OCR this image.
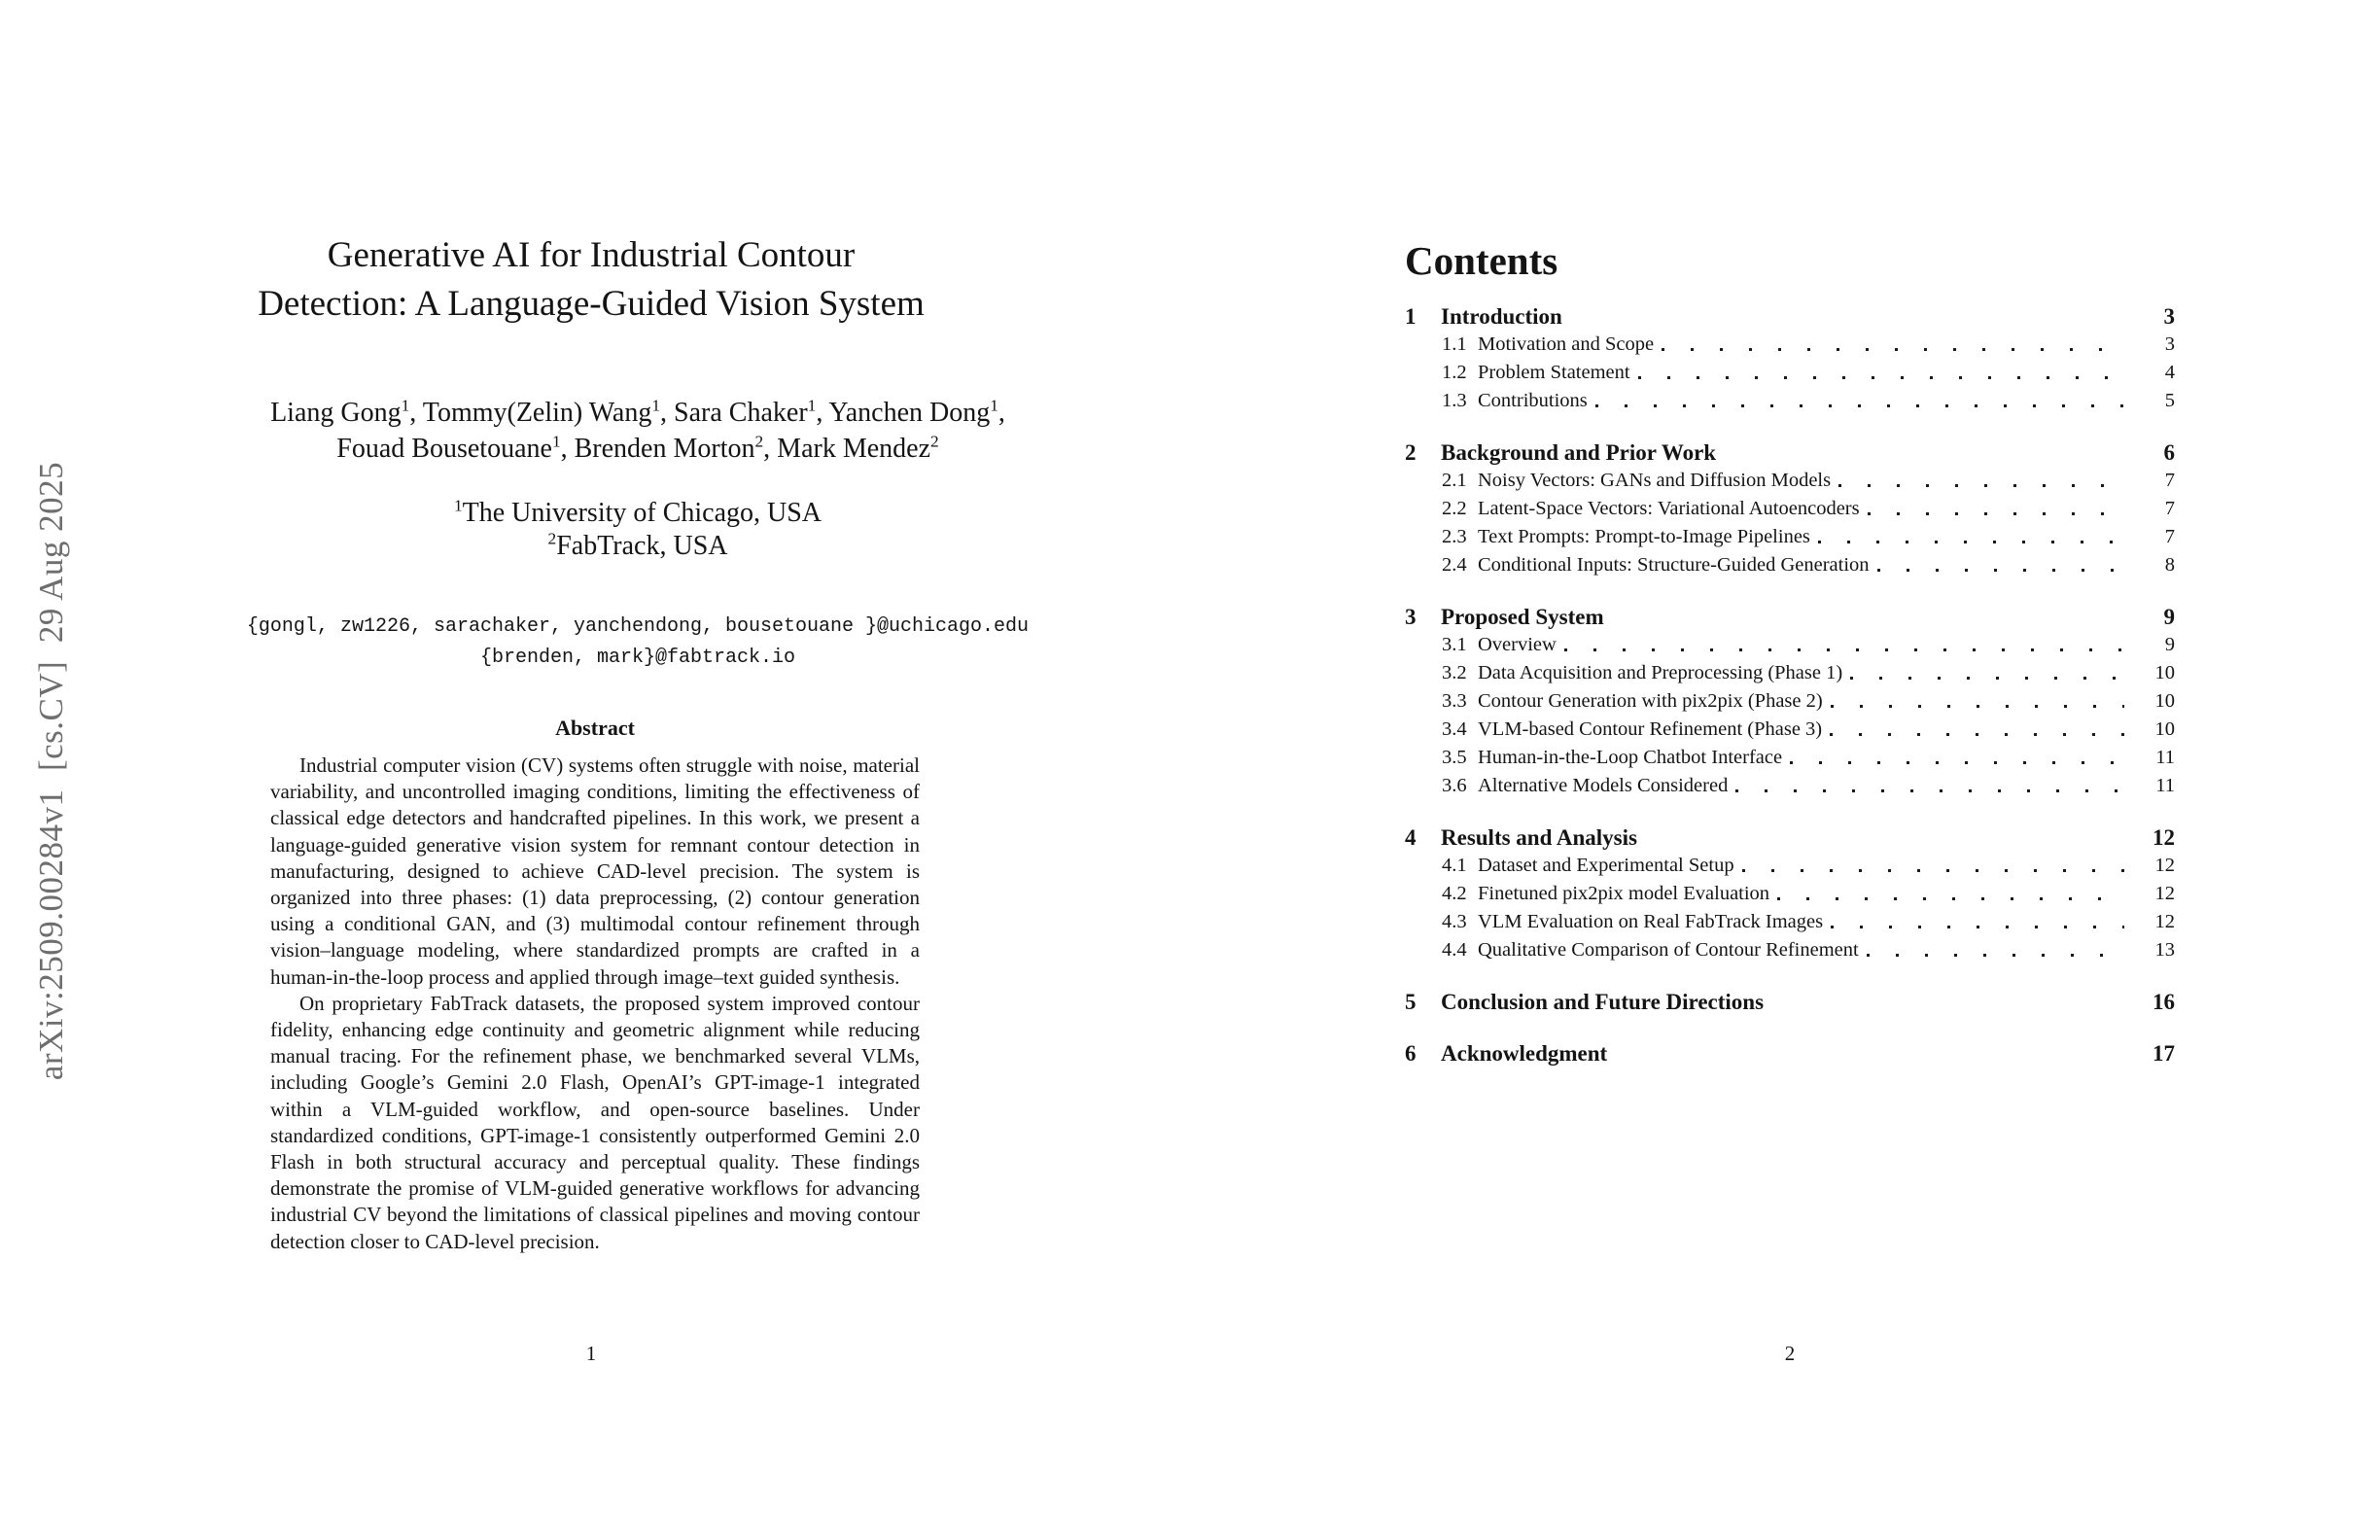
arXiv:2509.00284v1  [cs.CV]  29 Aug 2025
Generative AI for Industrial Contour
Detection: A Language-Guided Vision System
Liang Gong$^1$, Tommy(Zelin) Wang$^1$, Sara Chaker$^1$, Yanchen Dong$^1$,
Fouad Bousetouane$^1$, Brenden Morton$^2$, Mark Mendez$^2$
$^1$The University of Chicago, USA
$^2$FabTrack, USA
{gongl, zw1226, sarachaker, yanchendong, bousetouane }@uchicago.edu
{brenden, mark}@fabtrack.io
Abstract

Industrial computer vision (CV) systems often struggle with noise, material variability, and uncontrolled imaging conditions, limiting the effectiveness of classical edge detectors and handcrafted pipelines. In this work, we present a language-guided generative vision system for remnant contour detection in manufacturing, designed to achieve CAD-level precision. The system is organized into three phases: (1) data preprocessing, (2) contour generation using a conditional GAN, and (3) multimodal contour refinement through vision–language modeling, where standardized prompts are crafted in a human-in-the-loop process and applied through image–text guided synthesis.

On proprietary FabTrack datasets, the proposed system improved contour fidelity, enhancing edge continuity and geometric alignment while reducing manual tracing. For the refinement phase, we benchmarked several VLMs, including Google’s Gemini 2.0 Flash, OpenAI’s GPT-image-1 integrated within a VLM-guided workflow, and open-source baselines. Under standardized conditions, GPT-image-1 consistently outperformed Gemini 2.0 Flash in both structural accuracy and perceptual quality. These findings demonstrate the promise of VLM-guided generative workflows for advancing industrial CV beyond the limitations of classical pipelines and moving contour detection closer to CAD-level precision.

1
Contents
1	Introduction	3
1.1 Motivation and Scope	3
1.2 Problem Statement	4
1.3 Contributions	5
2	Background and Prior Work	6
2.1 Noisy Vectors: GANs and Diffusion Models	7
2.2 Latent-Space Vectors: Variational Autoencoders	7
2.3 Text Prompts: Prompt-to-Image Pipelines	7
2.4 Conditional Inputs: Structure-Guided Generation	8
3	Proposed System	9
3.1 Overview	9
3.2 Data Acquisition and Preprocessing (Phase 1)	10
3.3 Contour Generation with pix2pix (Phase 2)	10
3.4 VLM-based Contour Refinement (Phase 3)	10
3.5 Human-in-the-Loop Chatbot Interface	11
3.6 Alternative Models Considered	11
4	Results and Analysis	12
4.1 Dataset and Experimental Setup	12
4.2 Finetuned pix2pix model Evaluation	12
4.3 VLM Evaluation on Real FabTrack Images	12
4.4 Qualitative Comparison of Contour Refinement	13
5	Conclusion and Future Directions	16
6	Acknowledgment	17
2
